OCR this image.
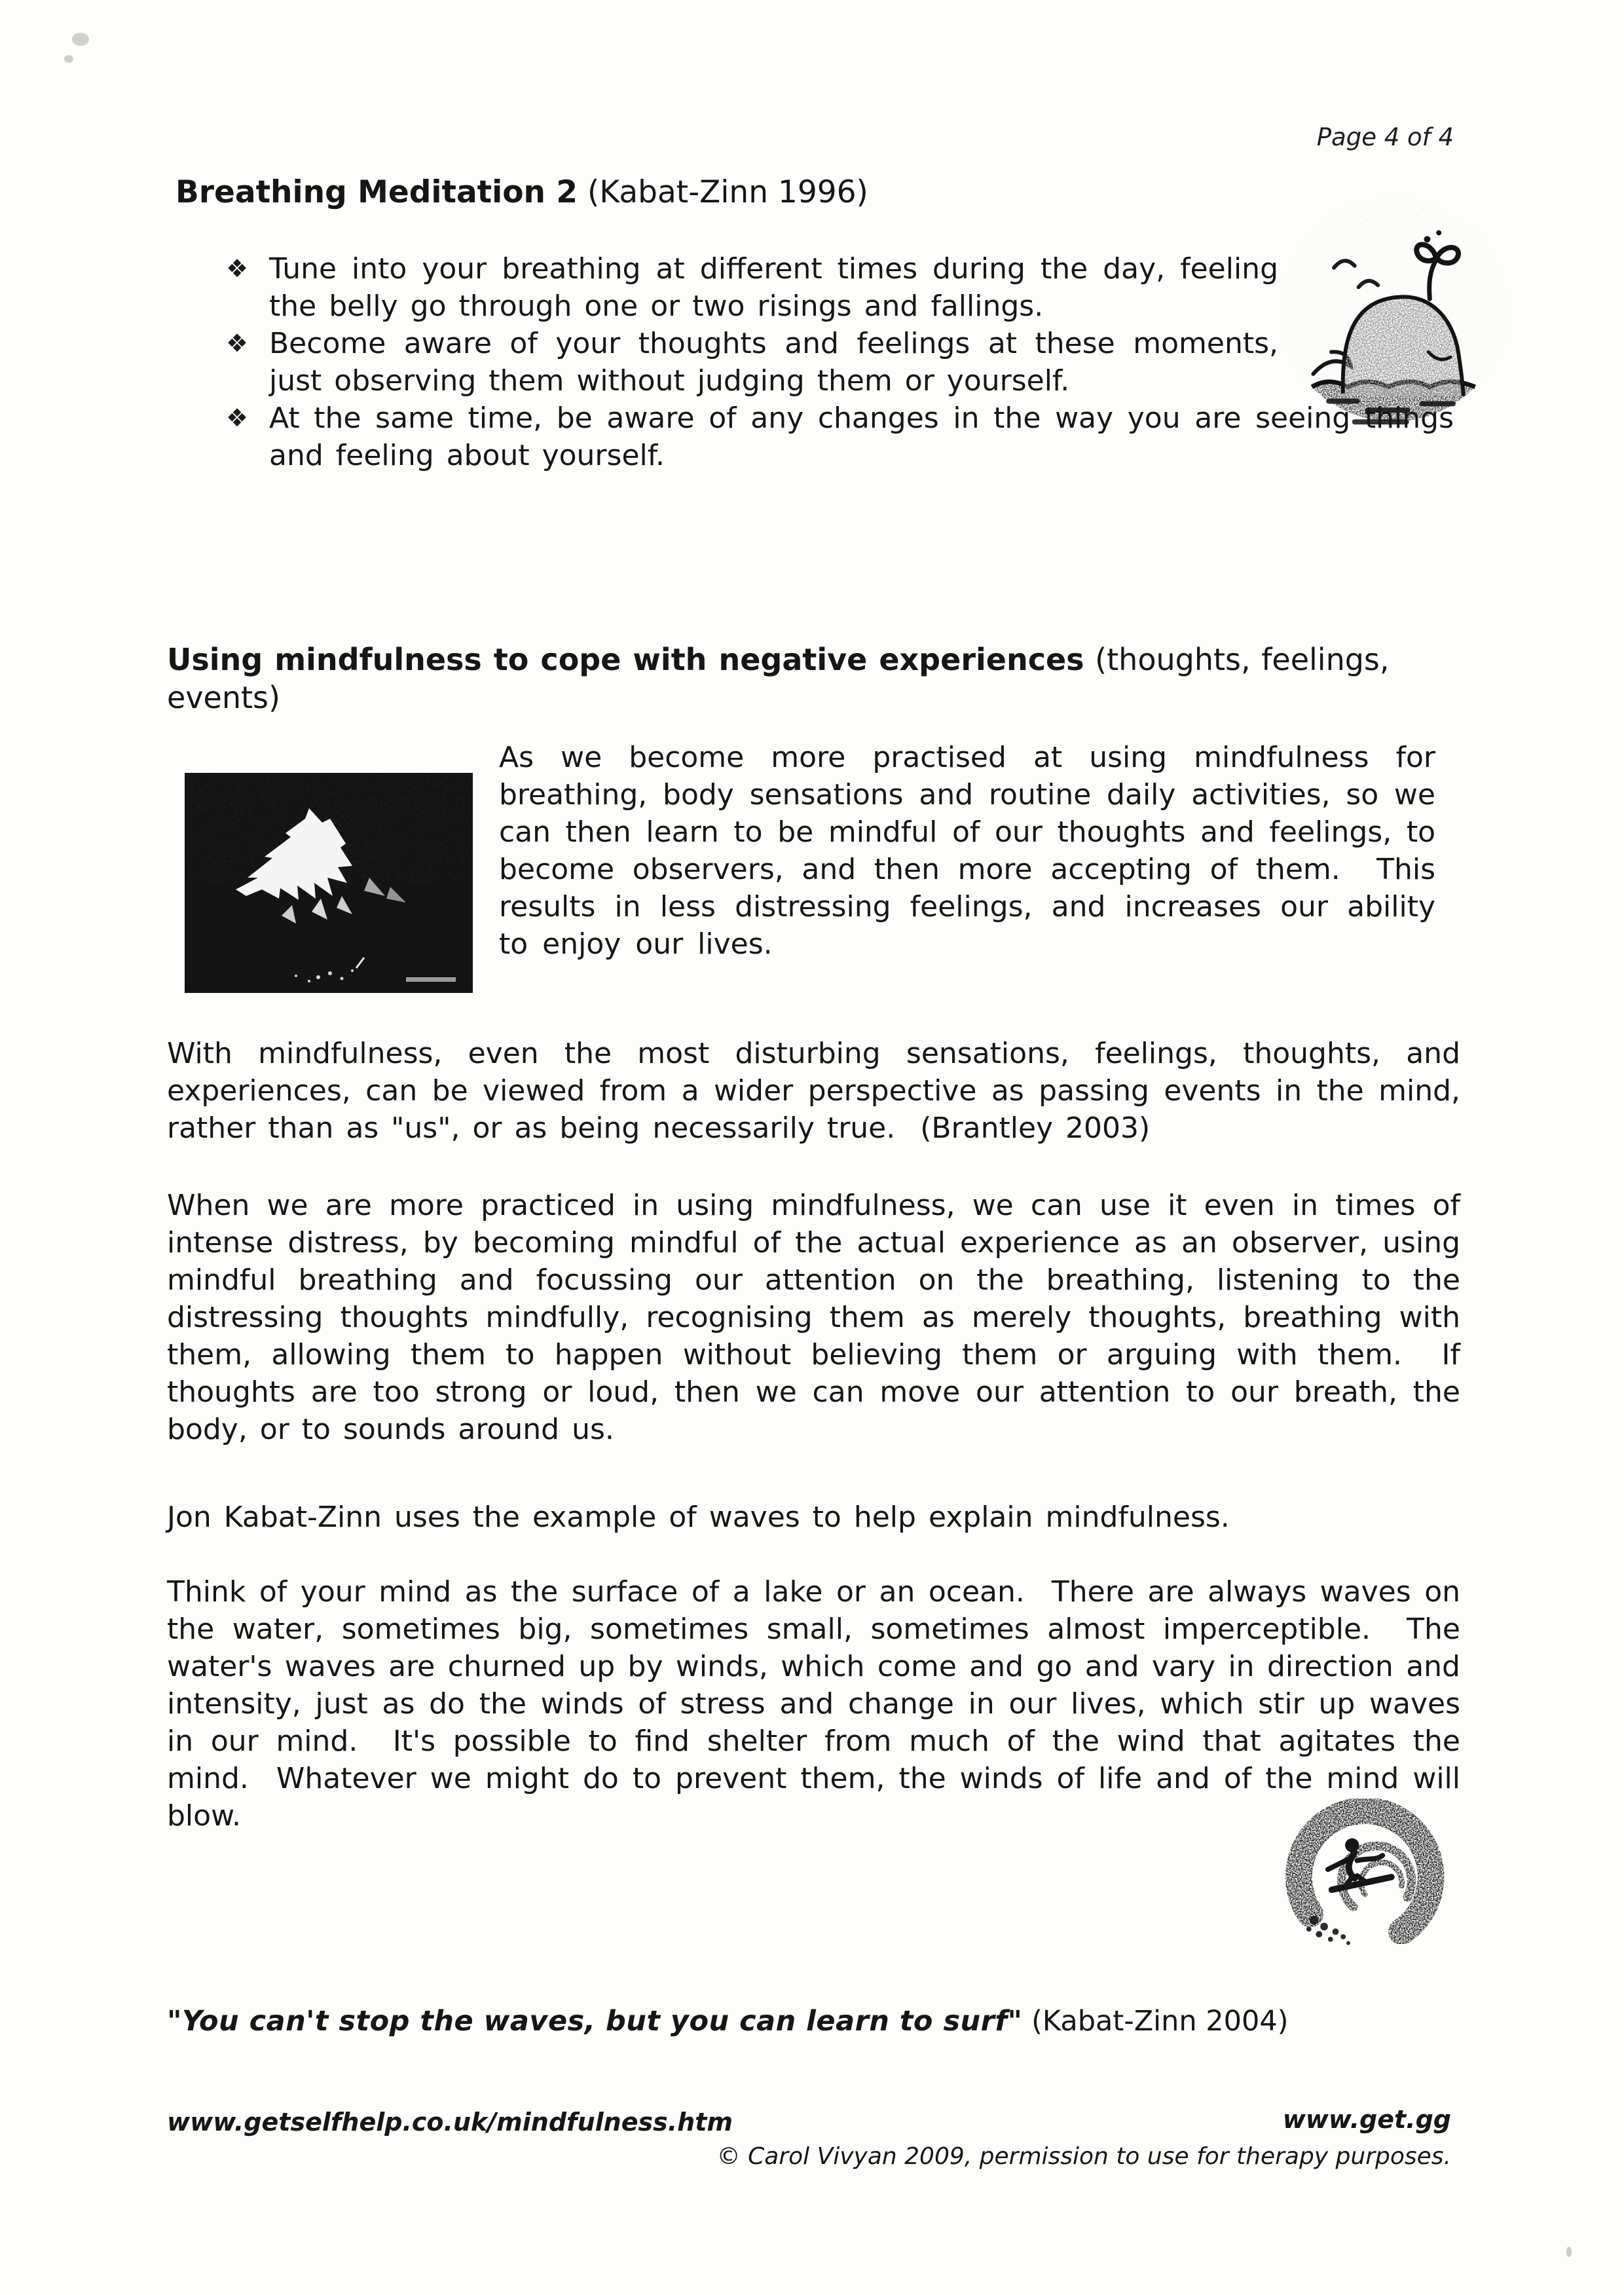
Page 4 of 4
Breathing Meditation 2 (Kabat-Zinn 1996)
❖ Tune into your breathing at different times during the day, feeling the belly go through one or two risings and fallings.
❖ Become aware of your thoughts and feelings at these moments, just observing them without judging them or yourself.
❖ At the same time, be aware of any changes in the way you are seeing things and feeling about yourself.
Using mindfulness to cope with negative experiences (thoughts, feelings, events)
As we become more practised at using mindfulness for breathing, body sensations and routine daily activities, so we can then learn to be mindful of our thoughts and feelings, to become observers, and then more accepting of them.  This results in less distressing feelings, and increases our ability to enjoy our lives.
With mindfulness, even the most disturbing sensations, feelings, thoughts, and experiences, can be viewed from a wider perspective as passing events in the mind, rather than as "us", or as being necessarily true.  (Brantley 2003)
When we are more practiced in using mindfulness, we can use it even in times of intense distress, by becoming mindful of the actual experience as an observer, using mindful breathing and focussing our attention on the breathing, listening to the distressing thoughts mindfully, recognising them as merely thoughts, breathing with them, allowing them to happen without believing them or arguing with them.  If thoughts are too strong or loud, then we can move our attention to our breath, the body, or to sounds around us.
Jon Kabat-Zinn uses the example of waves to help explain mindfulness.
Think of your mind as the surface of a lake or an ocean.  There are always waves on the water, sometimes big, sometimes small, sometimes almost imperceptible.  The water's waves are churned up by winds, which come and go and vary in direction and intensity, just as do the winds of stress and change in our lives, which stir up waves in our mind.  It's possible to find shelter from much of the wind that agitates the mind.  Whatever we might do to prevent them, the winds of life and of the mind will blow.
"You can't stop the waves, but you can learn to surf" (Kabat-Zinn 2004)
www.getselfhelp.co.uk/mindfulness.htm	www.get.gg
© Carol Vivyan 2009, permission to use for therapy purposes.
